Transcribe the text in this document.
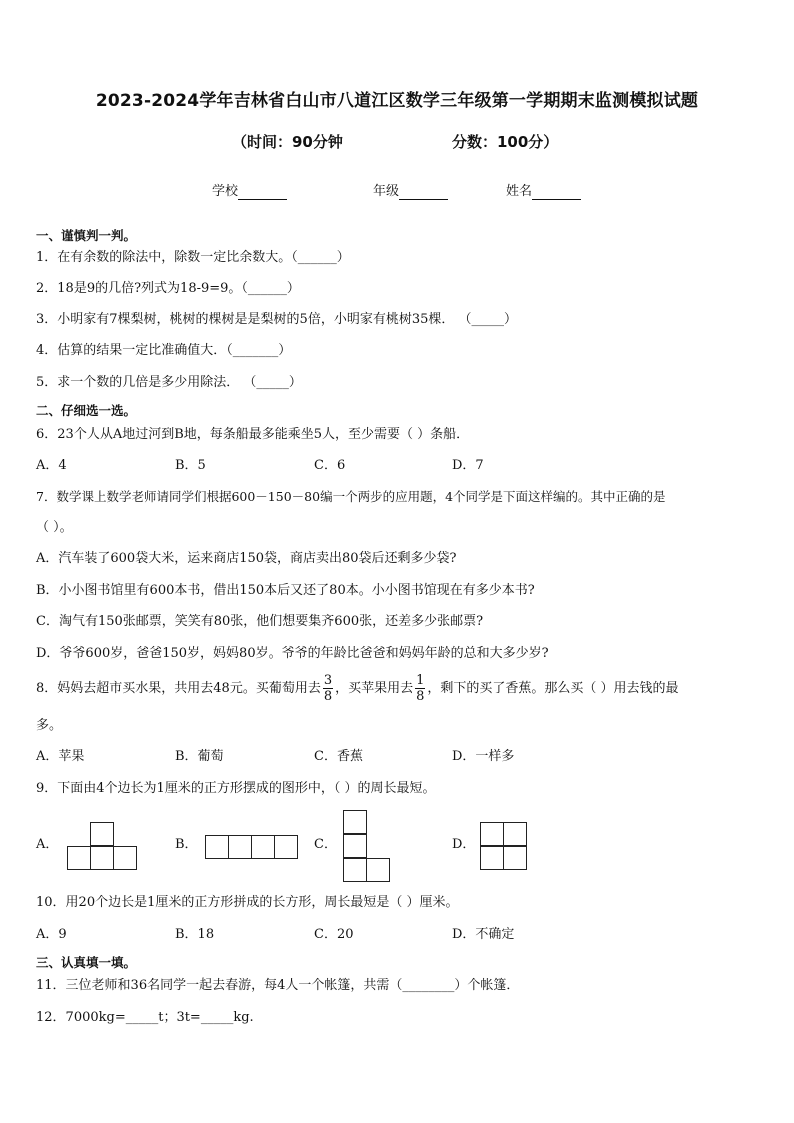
2023-2024学年吉林省白山市八道江区数学三年级第一学期期末监测模拟试题
（时间：90分钟	分数：100分）
学校	年级	姓名
一、谨慎判一判。
1．在有余数的除法中，除数一定比余数大。（______）
2．18是9的几倍?列式为18-9=9。（______）
3．小明家有7棵梨树，桃树的棵树是是梨树的5倍，小明家有桃树35棵． （_____）
4．估算的结果一定比准确值大．（_______）
5．求一个数的几倍是多少用除法． （_____）
二、仔细选一选。
6．23个人从A地过河到B地，每条船最多能乘坐5人，至少需要（ ）条船．
A．4	B．5	C．6	D．7
7．数学课上数学老师请同学们根据600－150－80编一个两步的应用题，4个同学是下面这样编的。其中正确的是
（ ）。
A．汽车装了600袋大米，运来商店150袋，商店卖出80袋后还剩多少袋?
B．小小图书馆里有600本书，借出150本后又还了80本。小小图书馆现在有多少本书?
C．淘气有150张邮票，笑笑有80张，他们想要集齐600张，还差多少张邮票?
D．爷爷600岁，爸爸150岁，妈妈80岁。爷爷的年龄比爸爸和妈妈年龄的总和大多少岁?
8．妈妈去超市买水果，共用去48元。买葡萄用去 $\frac{3}{8}$ ，买苹果用去 $\frac{1}{8}$ ，剩下的买了香蕉。那么买（ ）用去钱的最
多。
A．苹果	B．葡萄	C．香蕉	D．一样多
9．下面由4个边长为1厘米的正方形摆成的图形中，（ ）的周长最短。
A．	B．	C．	D．
10．用20个边长是1厘米的正方形拼成的长方形，周长最短是（ ）厘米。
A．9	B．18	C．20	D．不确定
三、认真填一填。
11．三位老师和36名同学一起去春游，每4人一个帐篷，共需（________）个帐篷．
12．7000kg=_____t；3t=_____kg.
